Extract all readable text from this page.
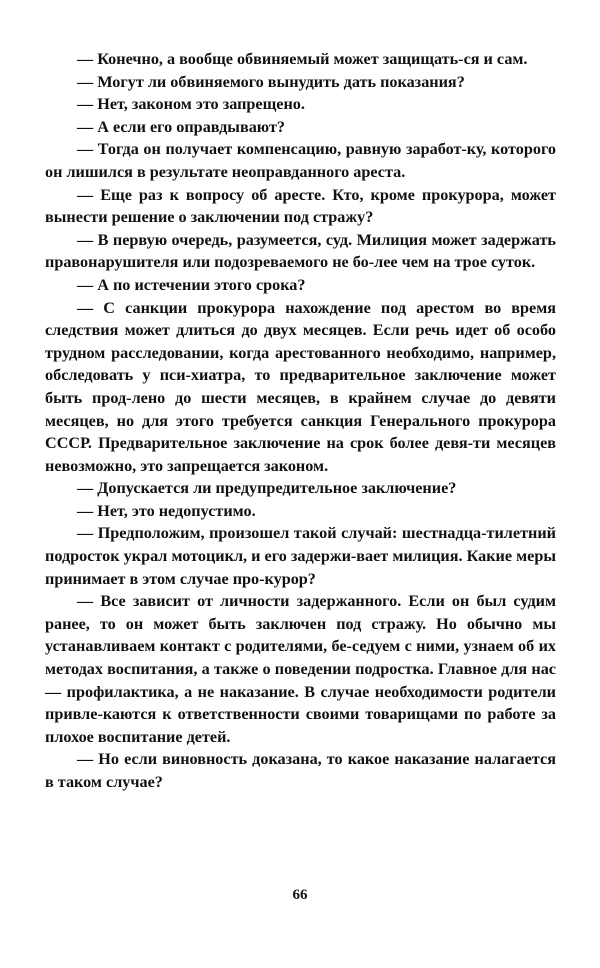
— Конечно, а вообще обвиняемый может защищать-ся и сам.

— Могут ли обвиняемого вынудить дать показания?

— Нет, законом это запрещено.

— А если его оправдывают?

— Тогда он получает компенсацию, равную заработ-ку, которого он лишился в результате неоправданного ареста.

— Еще раз к вопросу об аресте. Кто, кроме прокурора, может вынести решение о заключении под стражу?

— В первую очередь, разумеется, суд. Милиция может задержать правонарушителя или подозреваемого не бо-лее чем на трое суток.

— А по истечении этого срока?

— С санкции прокурора нахождение под арестом во время следствия может длиться до двух месяцев. Если речь идет об особо трудном расследовании, когда арестованного необходимо, например, обследовать у пси-хиатра, то предварительное заключение может быть прод-лено до шести месяцев, в крайнем случае до девяти месяцев, но для этого требуется санкция Генерального прокурора СССР. Предварительное заключение на срок более девя-ти месяцев невозможно, это запрещается законом.

— Допускается ли предупредительное заключение?

— Нет, это недопустимо.

— Предположим, произошел такой случай: шестнадца-тилетний подросток украл мотоцикл, и его задержи-вает милиция. Какие меры принимает в этом случае про-курор?

— Все зависит от личности задержанного. Если он был судим ранее, то он может быть заключен под стражу. Но обычно мы устанавливаем контакт с родителями, бе-седуем с ними, узнаем об их методах воспитания, а также о поведении подростка. Главное для нас — профилактика, а не наказание. В случае необходимости родители привле-каются к ответственности своими товарищами по работе за плохое воспитание детей.

— Но если виновность доказана, то какое наказание налагается в таком случае?

66
